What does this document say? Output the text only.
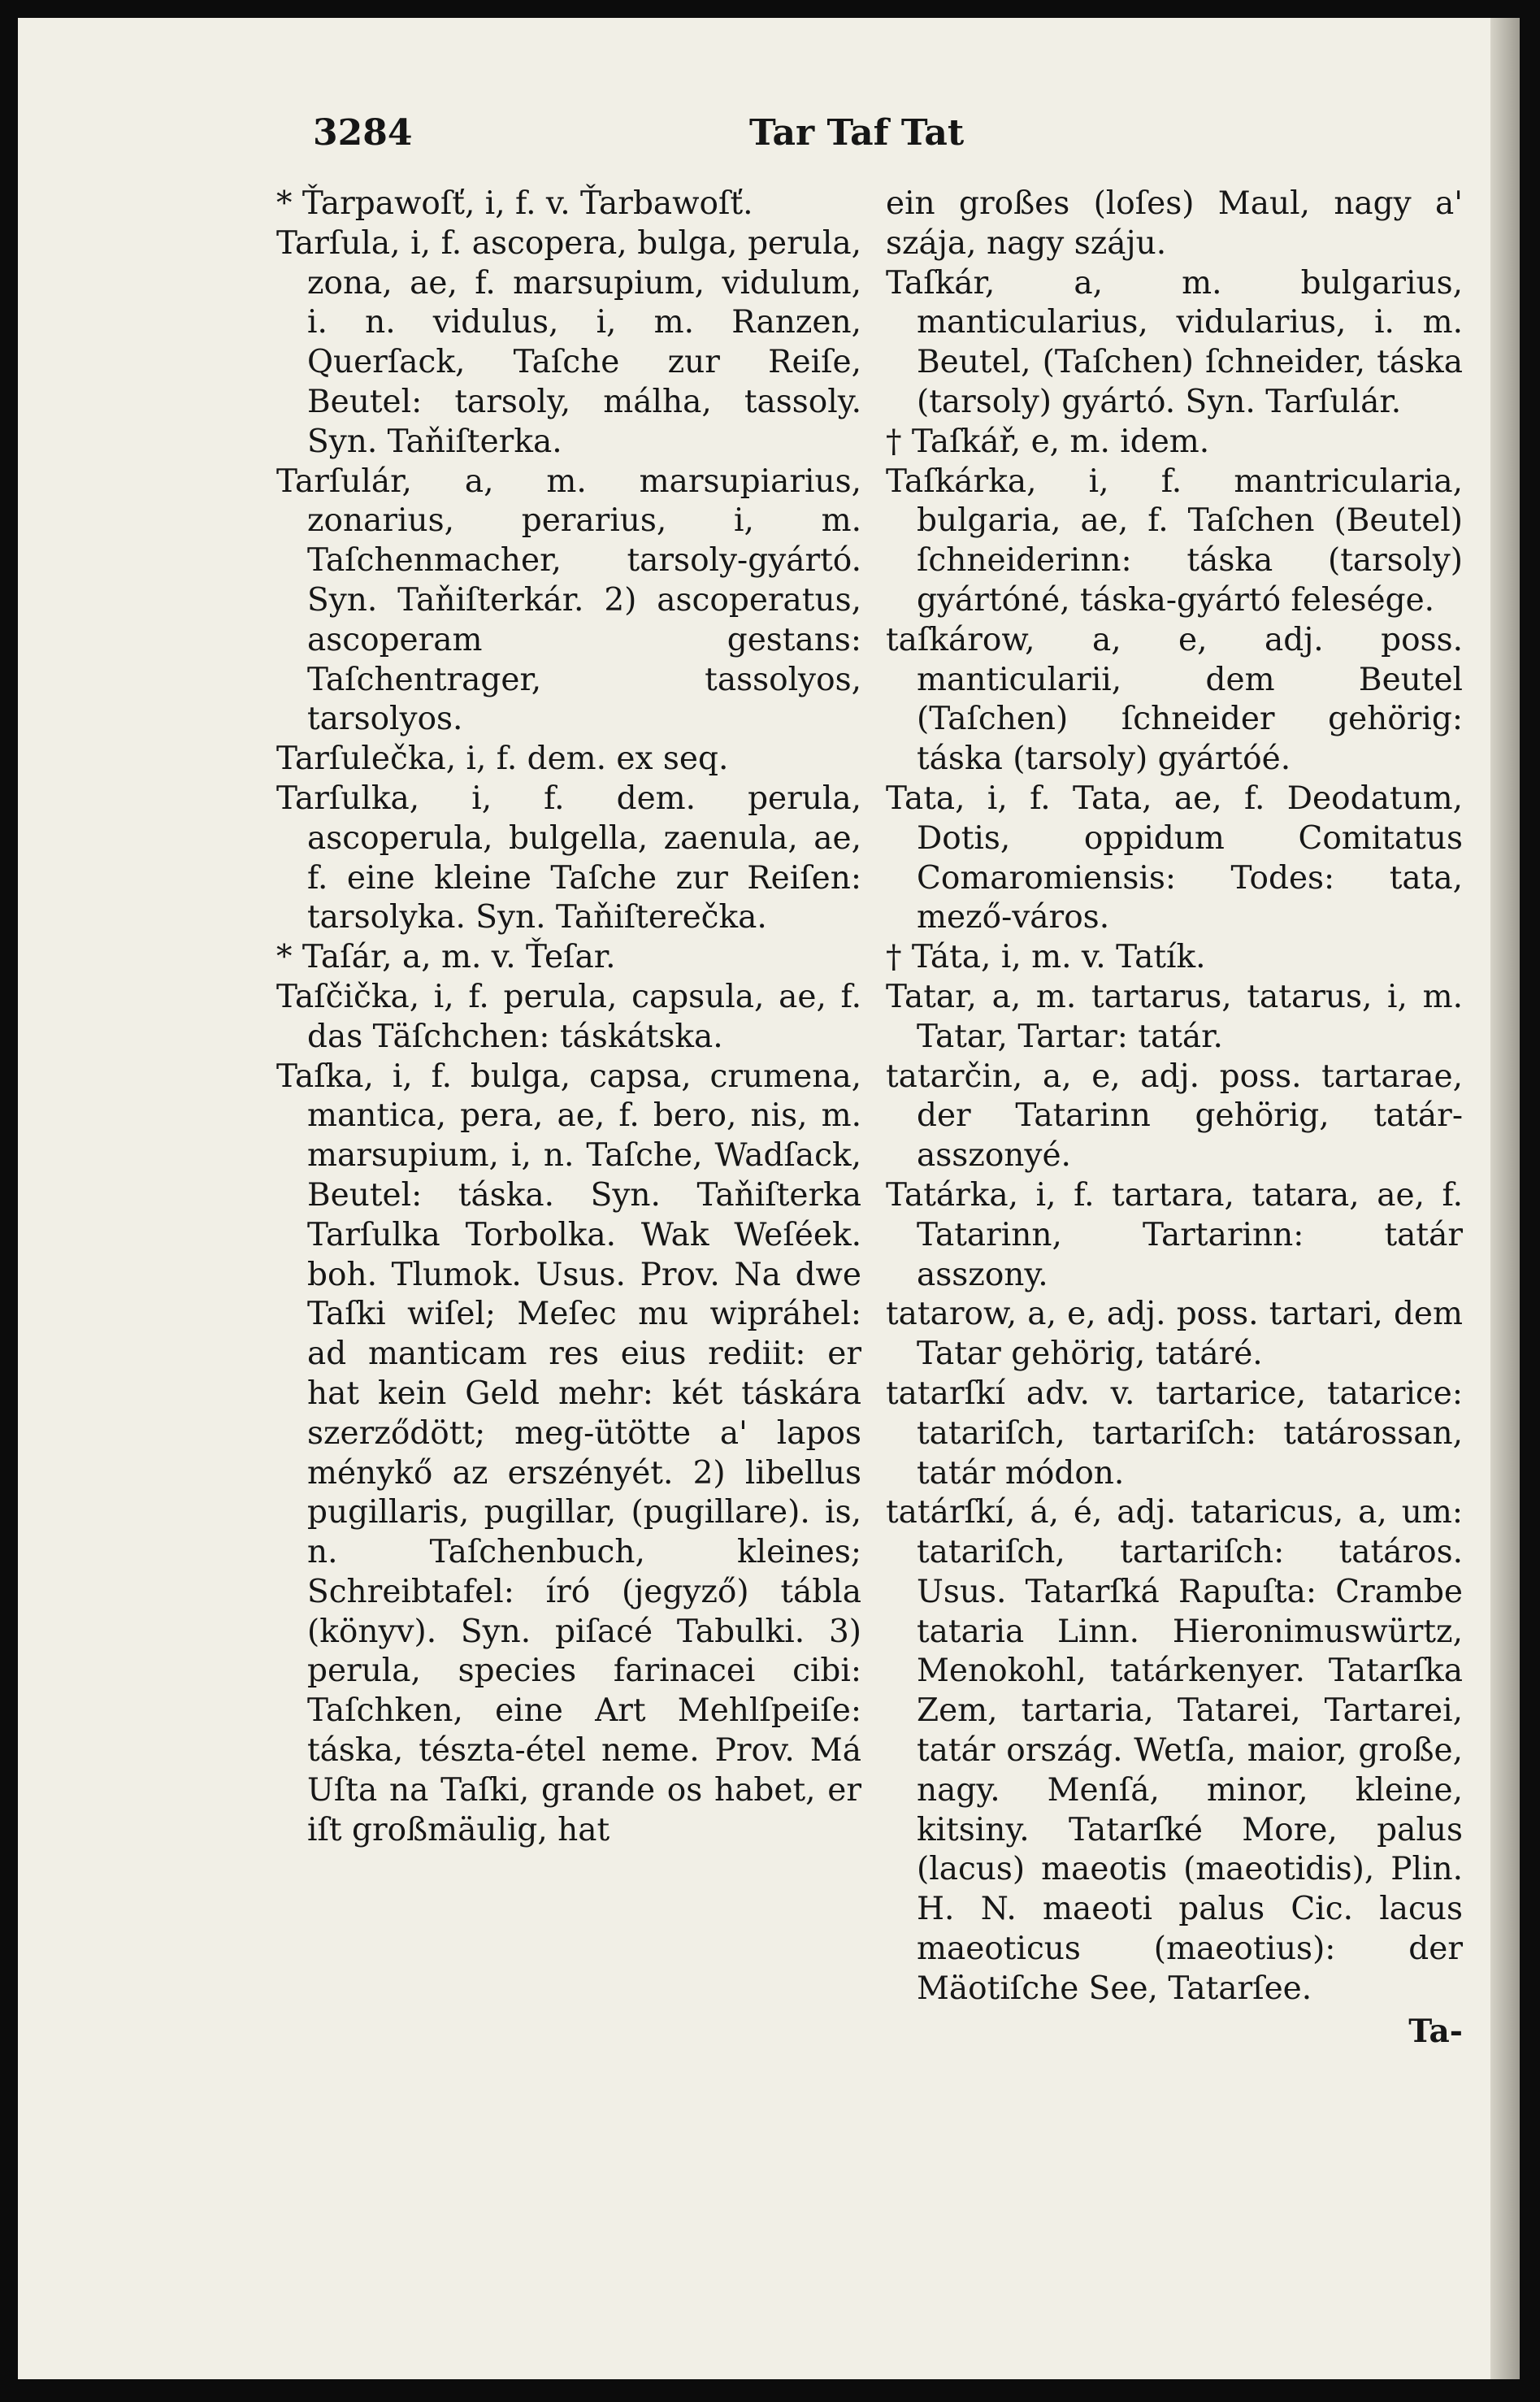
3284	Tar Taf Tat
* Ťarpawoſť, i, f. v. Ťarbawoſť.
Tarſula, i, f. ascopera, bulga, perula, zona, ae, f. marsupium, vidulum, i. n. vidulus, i, m. Ranzen, Querſack, Taſche zur Reiſe, Beutel: tarsoly, málha, tassoly. Syn. Taňiſterka.
Tarſulár, a, m. marsupiarius, zonarius, perarius, i, m. Taſchenmacher, tarsoly-gyártó. Syn. Taňiſterkár. 2) ascoperatus, ascoperam gestans: Taſchentrager, tassolyos, tarsolyos.
Tarſulečka, i, f. dem. ex seq.
Tarſulka, i, f. dem. perula, ascoperula, bulgella, zaenula, ae, f. eine kleine Taſche zur Reiſen: tarsolyka. Syn. Taňiſterečka.
* Taſár, a, m. v. Ťeſar.
Taſčička, i, f. perula, capsula, ae, f. das Täſchchen: táskátska.
Taſka, i, f. bulga, capsa, crumena, mantica, pera, ae, f. bero, nis, m. marsupium, i, n. Taſche, Wadſack, Beutel: táska. Syn. Taňiſterka Tarſulka Torbolka. Wak Weſéek. boh. Tlumok. Usus. Prov. Na dwe Taſki wiſel; Meſec mu wipráhel: ad manticam res eius rediit: er hat kein Geld mehr: két táskára szerződött; meg-ütötte a' lapos ménykő az erszényét. 2) libellus pugillaris, pugillar, (pugillare). is, n. Taſchenbuch, kleines; Schreibtafel: író (jegyző) tábla (könyv). Syn. piſacé Tabulki. 3) perula, species farinacei cibi: Taſchken, eine Art Mehlſpeiſe: táska, tészta-étel neme. Prov. Má Uſta na Taſki, grande os habet, er iſt großmäulig, hat
ein großes (loſes) Maul, nagy a' szája, nagy száju.
Taſkár, a, m. bulgarius, manticularius, vidularius, i. m. Beutel, (Taſchen) ſchneider, táska (tarsoly) gyártó. Syn. Tarſulár.
† Taſkář, e, m. idem.
Taſkárka, i, f. mantricularia, bulgaria, ae, f. Taſchen (Beutel) ſchneiderinn: táska (tarsoly) gyártóné, táska-gyártó felesége.
taſkárow, a, e, adj. poss. manticularii, dem Beutel (Taſchen) ſchneider gehörig: táska (tarsoly) gyártóé.
Tata, i, f. Tata, ae, f. Deodatum, Dotis, oppidum Comitatus Comaromiensis: Todes: tata, mező-város.
† Táta, i, m. v. Tatík.
Tatar, a, m. tartarus, tatarus, i, m. Tatar, Tartar: tatár.
tatarčin, a, e, adj. poss. tartarae, der Tatarinn gehörig, tatár-asszonyé.
Tatárka, i, f. tartara, tatara, ae, f. Tatarinn, Tartarinn: tatár asszony.
tatarow, a, e, adj. poss. tartari, dem Tatar gehörig, tatáré.
tatarſkí adv. v. tartarice, tatarice: tatariſch, tartariſch: tatárossan, tatár módon.
tatárſkí, á, é, adj. tataricus, a, um: tatariſch, tartariſch: tatáros. Usus. Tatarſká Rapuſta: Crambe tataria Linn. Hieronimuswürtz, Menokohl, tatárkenyer. Tatarſka Zem, tartaria, Tatarei, Tartarei, tatár ország. Wetſa, maior, große, nagy. Menſá, minor, kleine, kitsiny. Tatarſké More, palus (lacus) maeotis (maeotidis), Plin. H. N. maeoti palus Cic. lacus maeoticus (maeotius): der Mäotiſche See, Tatarſee.
Ta-
